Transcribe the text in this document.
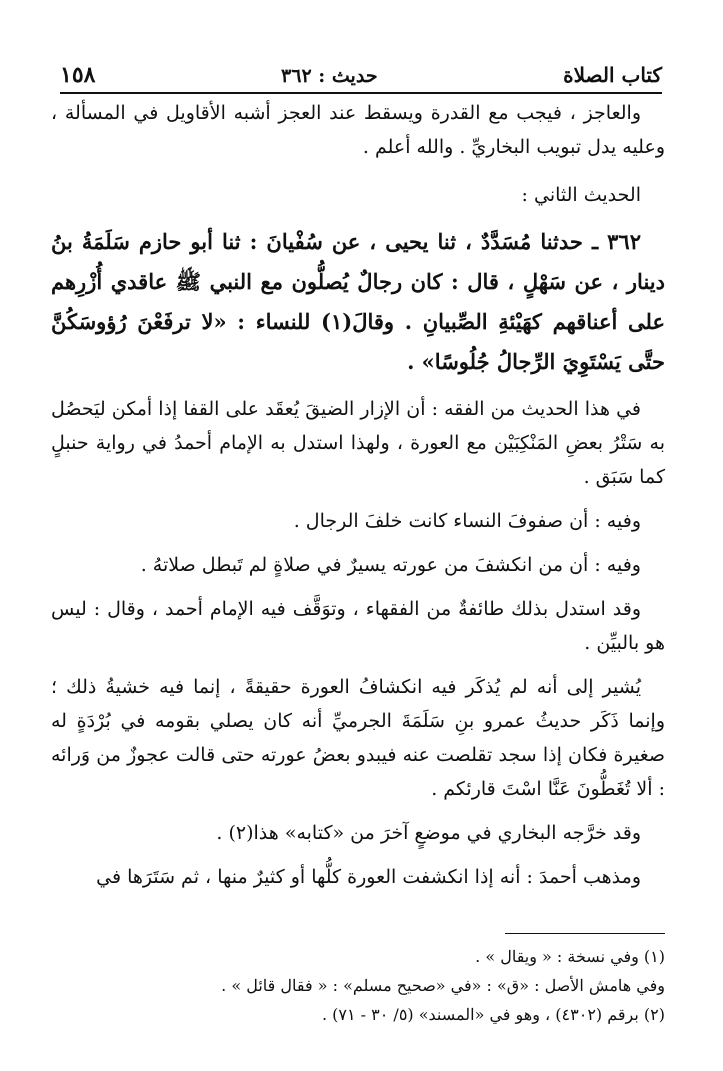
١٥٨	حديث : ٣٦٢	كتاب الصلاة

والعاجز ، فيجب مع القدرة ويسقط عند العجز أشبه الأقاويل في المسألة ، وعليه يدل تبويب البخاريِّ . والله أعلم .

الحديث الثاني :

٣٦٢ ـ حدثنا مُسَدَّدٌ ، ثنا يحيى ، عن سُفْيانَ : ثنا أبو حازم سَلَمَةُ بنُ دينار ، عن سَهْلٍ ، قال : كان رجالٌ يُصلُّون مع النبي ﷺ عاقدي أُزْرِهم على أعناقهم كهَيْئةِ الصِّبيانِ . وقالَ(١) للنساء : «لا ترفَعْنَ رُؤوسَكُنَّ حتَّى يَسْتَوِيَ الرِّجالُ جُلُوسًا» .

في هذا الحديث من الفقه : أن الإزار الضيقَ يُعقَد على القفا إذا أمكن ليَحصُل به سَتْرُ بعضِ المَنْكِبَيْن مع العورة ، ولهذا استدل به الإمام أحمدُ في رواية حنبلٍ كما سَبَق .

وفيه : أن صفوفَ النساء كانت خلفَ الرجال .

وفيه : أن من انكشفَ من عورته يسيرٌ في صلاةٍ لم تَبطل صلاتهُ .

وقد استدل بذلك طائفةٌ من الفقهاء ، وتوَقَّف فيه الإمام أحمد ، وقال : ليس هو بالبيِّن .

يُشير إلى أنه لم يُذكَر فيه انكشافُ العورة حقيقةً ، إنما فيه خشيةُ ذلك ؛ وإنما ذَكَر حديثُ عمرو بنِ سَلَمَةَ الجرميِّ أنه كان يصلي بقومه في بُرْدَةٍ له صغيرة فكان إذا سجد تقلصت عنه فيبدو بعضُ عورته حتى قالت عجوزٌ من وَرائه : ألا تُغَطُّونَ عَنَّا اسْتَ قارئكم .

وقد خرَّجه البخاري في موضعٍ آخرَ من «كتابه» هذا(٢) .

ومذهب أحمدَ : أنه إذا انكشفت العورة كلُّها أو كثيرٌ منها ، ثم سَتَرَها في

(١) وفي نسخة : « ويقال » .

وفي هامش الأصل : «ق» : «في «صحيح مسلم» : « فقال قائل » .

(٢) برقم (٤٣٠٢) ، وهو في «المسند» (٥/ ٣٠ - ٧١) .
